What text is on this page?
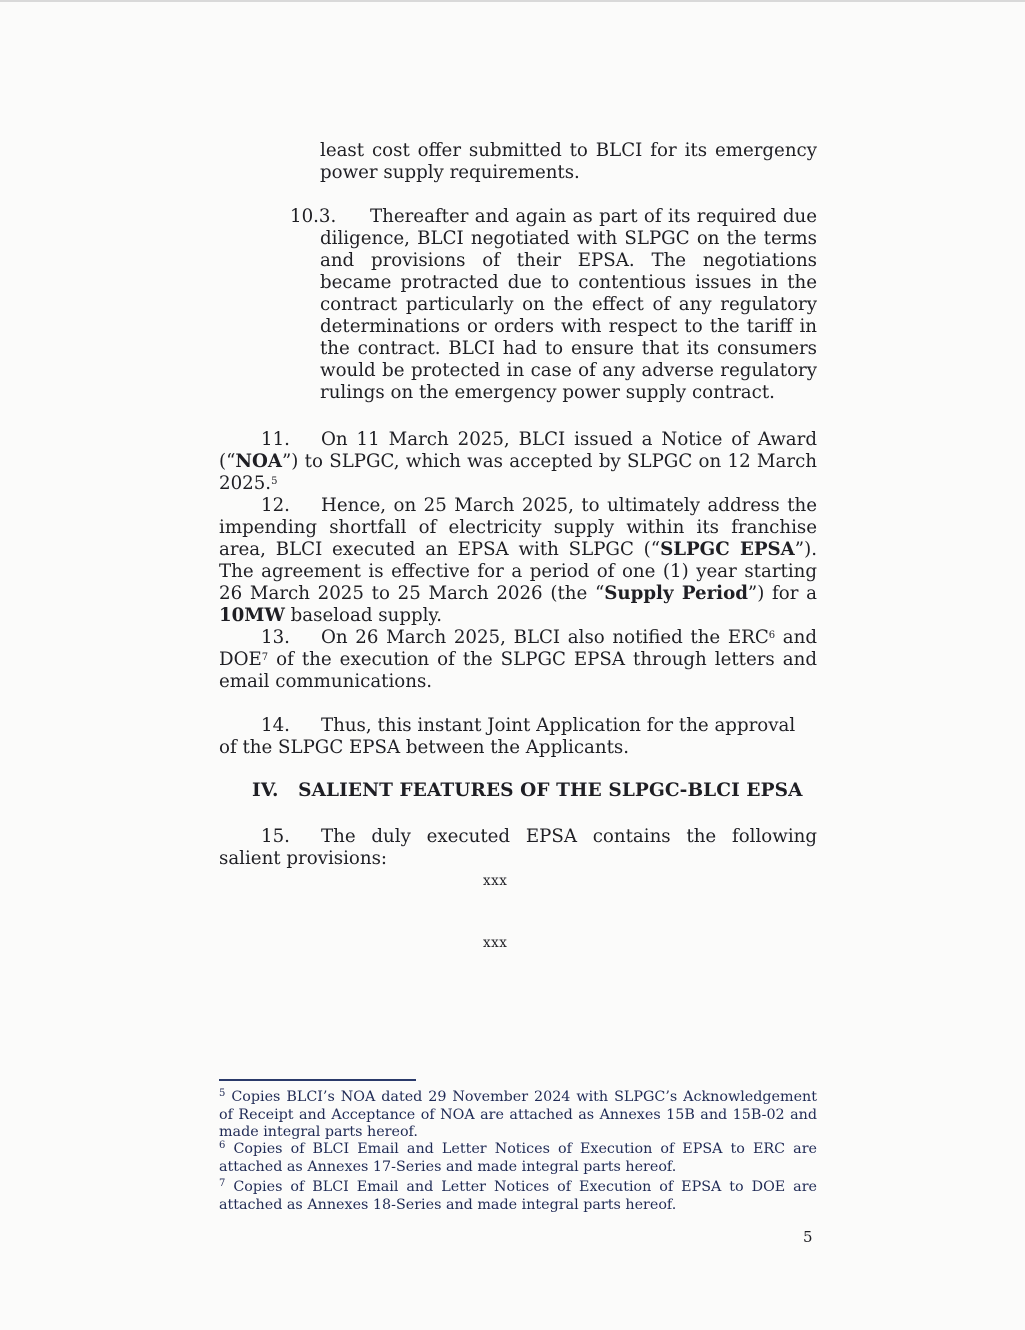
least cost offer submitted to BLCI for its emergency power supply requirements.
10.3. Thereafter and again as part of its required due diligence, BLCI negotiated with SLPGC on the terms and provisions of their EPSA. The negotiations became protracted due to contentious issues in the contract particularly on the effect of any regulatory determinations or orders with respect to the tariff in the contract. BLCI had to ensure that its consumers would be protected in case of any adverse regulatory rulings on the emergency power supply contract.
11. On 11 March 2025, BLCI issued a Notice of Award (“NOA”) to SLPGC, which was accepted by SLPGC on 12 March 2025.$^5$
12. Hence, on 25 March 2025, to ultimately address the impending shortfall of electricity supply within its franchise area, BLCI executed an EPSA with SLPGC (“SLPGC EPSA”). The agreement is effective for a period of one (1) year starting 26 March 2025 to 25 March 2026 (the “Supply Period”) for a 10MW baseload supply.
13. On 26 March 2025, BLCI also notified the ERC$^6$ and DOE$^7$ of the execution of the SLPGC EPSA through letters and email communications.
14. Thus, this instant Joint Application for the approval of the SLPGC EPSA between the Applicants.
IV. SALIENT FEATURES OF THE SLPGC-BLCI EPSA
15. The duly executed EPSA contains the following salient provisions:
xxx
xxx
$^5$ Copies BLCI’s NOA dated 29 November 2024 with SLPGC’s Acknowledgement of Receipt and Acceptance of NOA are attached as Annexes 15B and 15B-02 and made integral parts hereof.
$^6$ Copies of BLCI Email and Letter Notices of Execution of EPSA to ERC are attached as Annexes 17-Series and made integral parts hereof.
$^7$ Copies of BLCI Email and Letter Notices of Execution of EPSA to DOE are attached as Annexes 18-Series and made integral parts hereof.
5
